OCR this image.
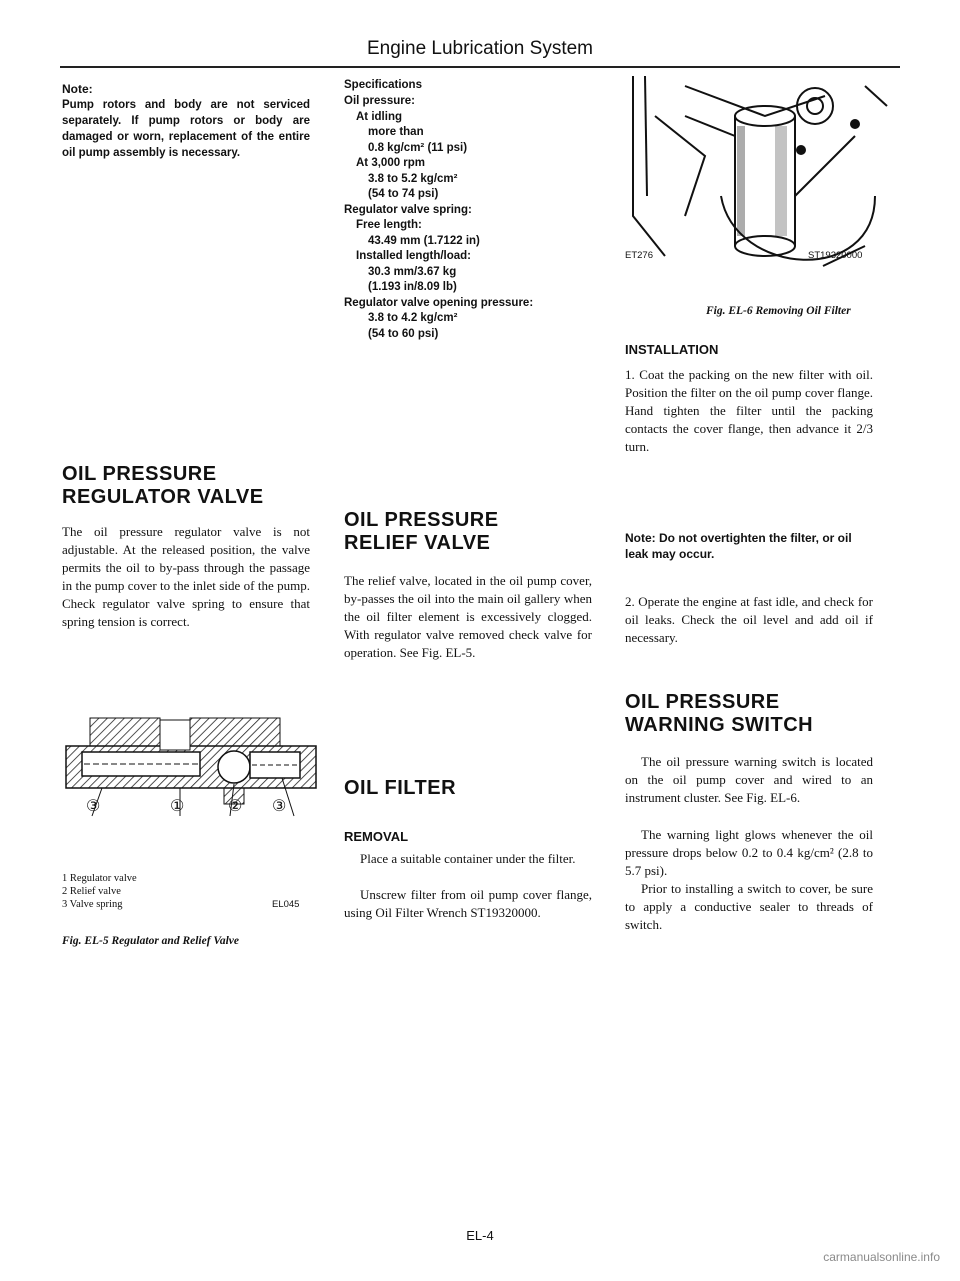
Engine Lubrication System
Note:
Pump rotors and body are not serviced separately. If pump rotors or body are damaged or worn, replacement of the entire oil pump assembly is necessary.
OIL PRESSURE
REGULATOR VALVE
The oil pressure regulator valve is not adjustable. At the released position, the valve permits the oil to by-pass through the passage in the pump cover to the inlet side of the pump. Check regulator valve spring to ensure that spring tension is correct.
③	①	② ③
1 Regulator valve
2 Relief valve
3 Valve spring	EL045
Fig. EL-5 Regulator and Relief Valve
Specifications
Oil pressure:
At idling
more than
0.8 kg/cm² (11 psi)
At 3,000 rpm
3.8 to 5.2 kg/cm²
(54 to 74 psi)
Regulator valve spring:
Free length:
43.49 mm (1.7122 in)
Installed length/load:
30.3 mm/3.67 kg
(1.193 in/8.09 lb)
Regulator valve opening pressure:
3.8 to 4.2 kg/cm²
(54 to 60 psi)
OIL PRESSURE
RELIEF VALVE
The relief valve, located in the oil pump cover, by-passes the oil into the main oil gallery when the oil filter element is excessively clogged. With regulator valve removed check valve for operation. See Fig. EL-5.
OIL FILTER
REMOVAL
Place a suitable container under the filter.
Unscrew filter from oil pump cover flange, using Oil Filter Wrench ST19320000.
ET276	ST19320000
Fig. EL-6 Removing Oil Filter
INSTALLATION
1. Coat the packing on the new filter with oil. Position the filter on the oil pump cover flange. Hand tighten the filter until the packing contacts the cover flange, then advance it 2/3 turn.
Note: Do not overtighten the filter, or oil leak may occur.
2. Operate the engine at fast idle, and check for oil leaks. Check the oil level and add oil if necessary.
OIL PRESSURE
WARNING SWITCH
The oil pressure warning switch is located on the oil pump cover and wired to an instrument cluster. See Fig. EL-6.
The warning light glows whenever the oil pressure drops below 0.2 to 0.4 kg/cm² (2.8 to 5.7 psi).
Prior to installing a switch to cover, be sure to apply a conductive sealer to threads of switch.
EL-4
carmanualsonline.info
